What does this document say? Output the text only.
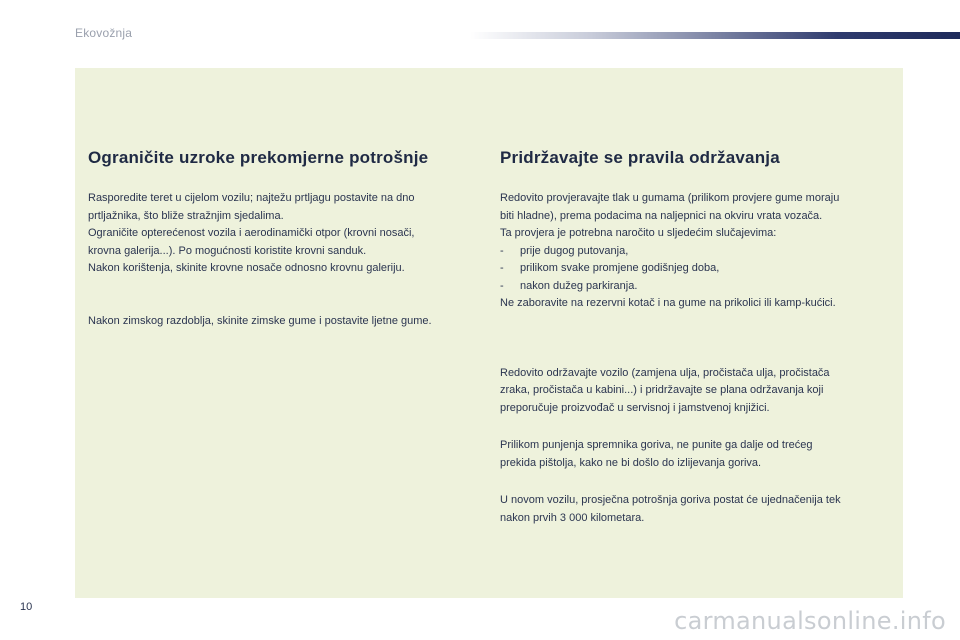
Ekovožnja
Ograničite uzroke prekomjerne potrošnje

Rasporedite teret u cijelom vozilu; najtežu prtljagu postavite na dno

prtljažnika, što bliže stražnjim sjedalima.

Ograničite opterećenost vozila i aerodinamički otpor (krovni nosači,

krovna galerija...). Po mogućnosti koristite krovni sanduk.

Nakon korištenja, skinite krovne nosače odnosno krovnu galeriju.

Nakon zimskog razdoblja, skinite zimske gume i postavite ljetne gume.

Pridržavajte se pravila održavanja

Redovito provjeravajte tlak u gumama (prilikom provjere gume moraju

biti hladne), prema podacima na naljepnici na okviru vrata vozača.

Ta provjera je potrebna naročito u sljedećim slučajevima:

- prije dugog putovanja,

- prilikom svake promjene godišnjeg doba,

- nakon dužeg parkiranja.

Ne zaboravite na rezervni kotač i na gume na prikolici ili kamp-kućici.

Redovito održavajte vozilo (zamjena ulja, pročistača ulja, pročistača

zraka, pročistača u kabini...) i pridržavajte se plana održavanja koji

preporučuje proizvođač u servisnoj i jamstvenoj knjižici.

Prilikom punjenja spremnika goriva, ne punite ga dalje od trećeg

prekida pištolja, kako ne bi došlo do izlijevanja goriva.

U novom vozilu, prosječna potrošnja goriva postat će ujednačenija tek

nakon prvih 3 000 kilometara.

10	carmanualsonline.info
